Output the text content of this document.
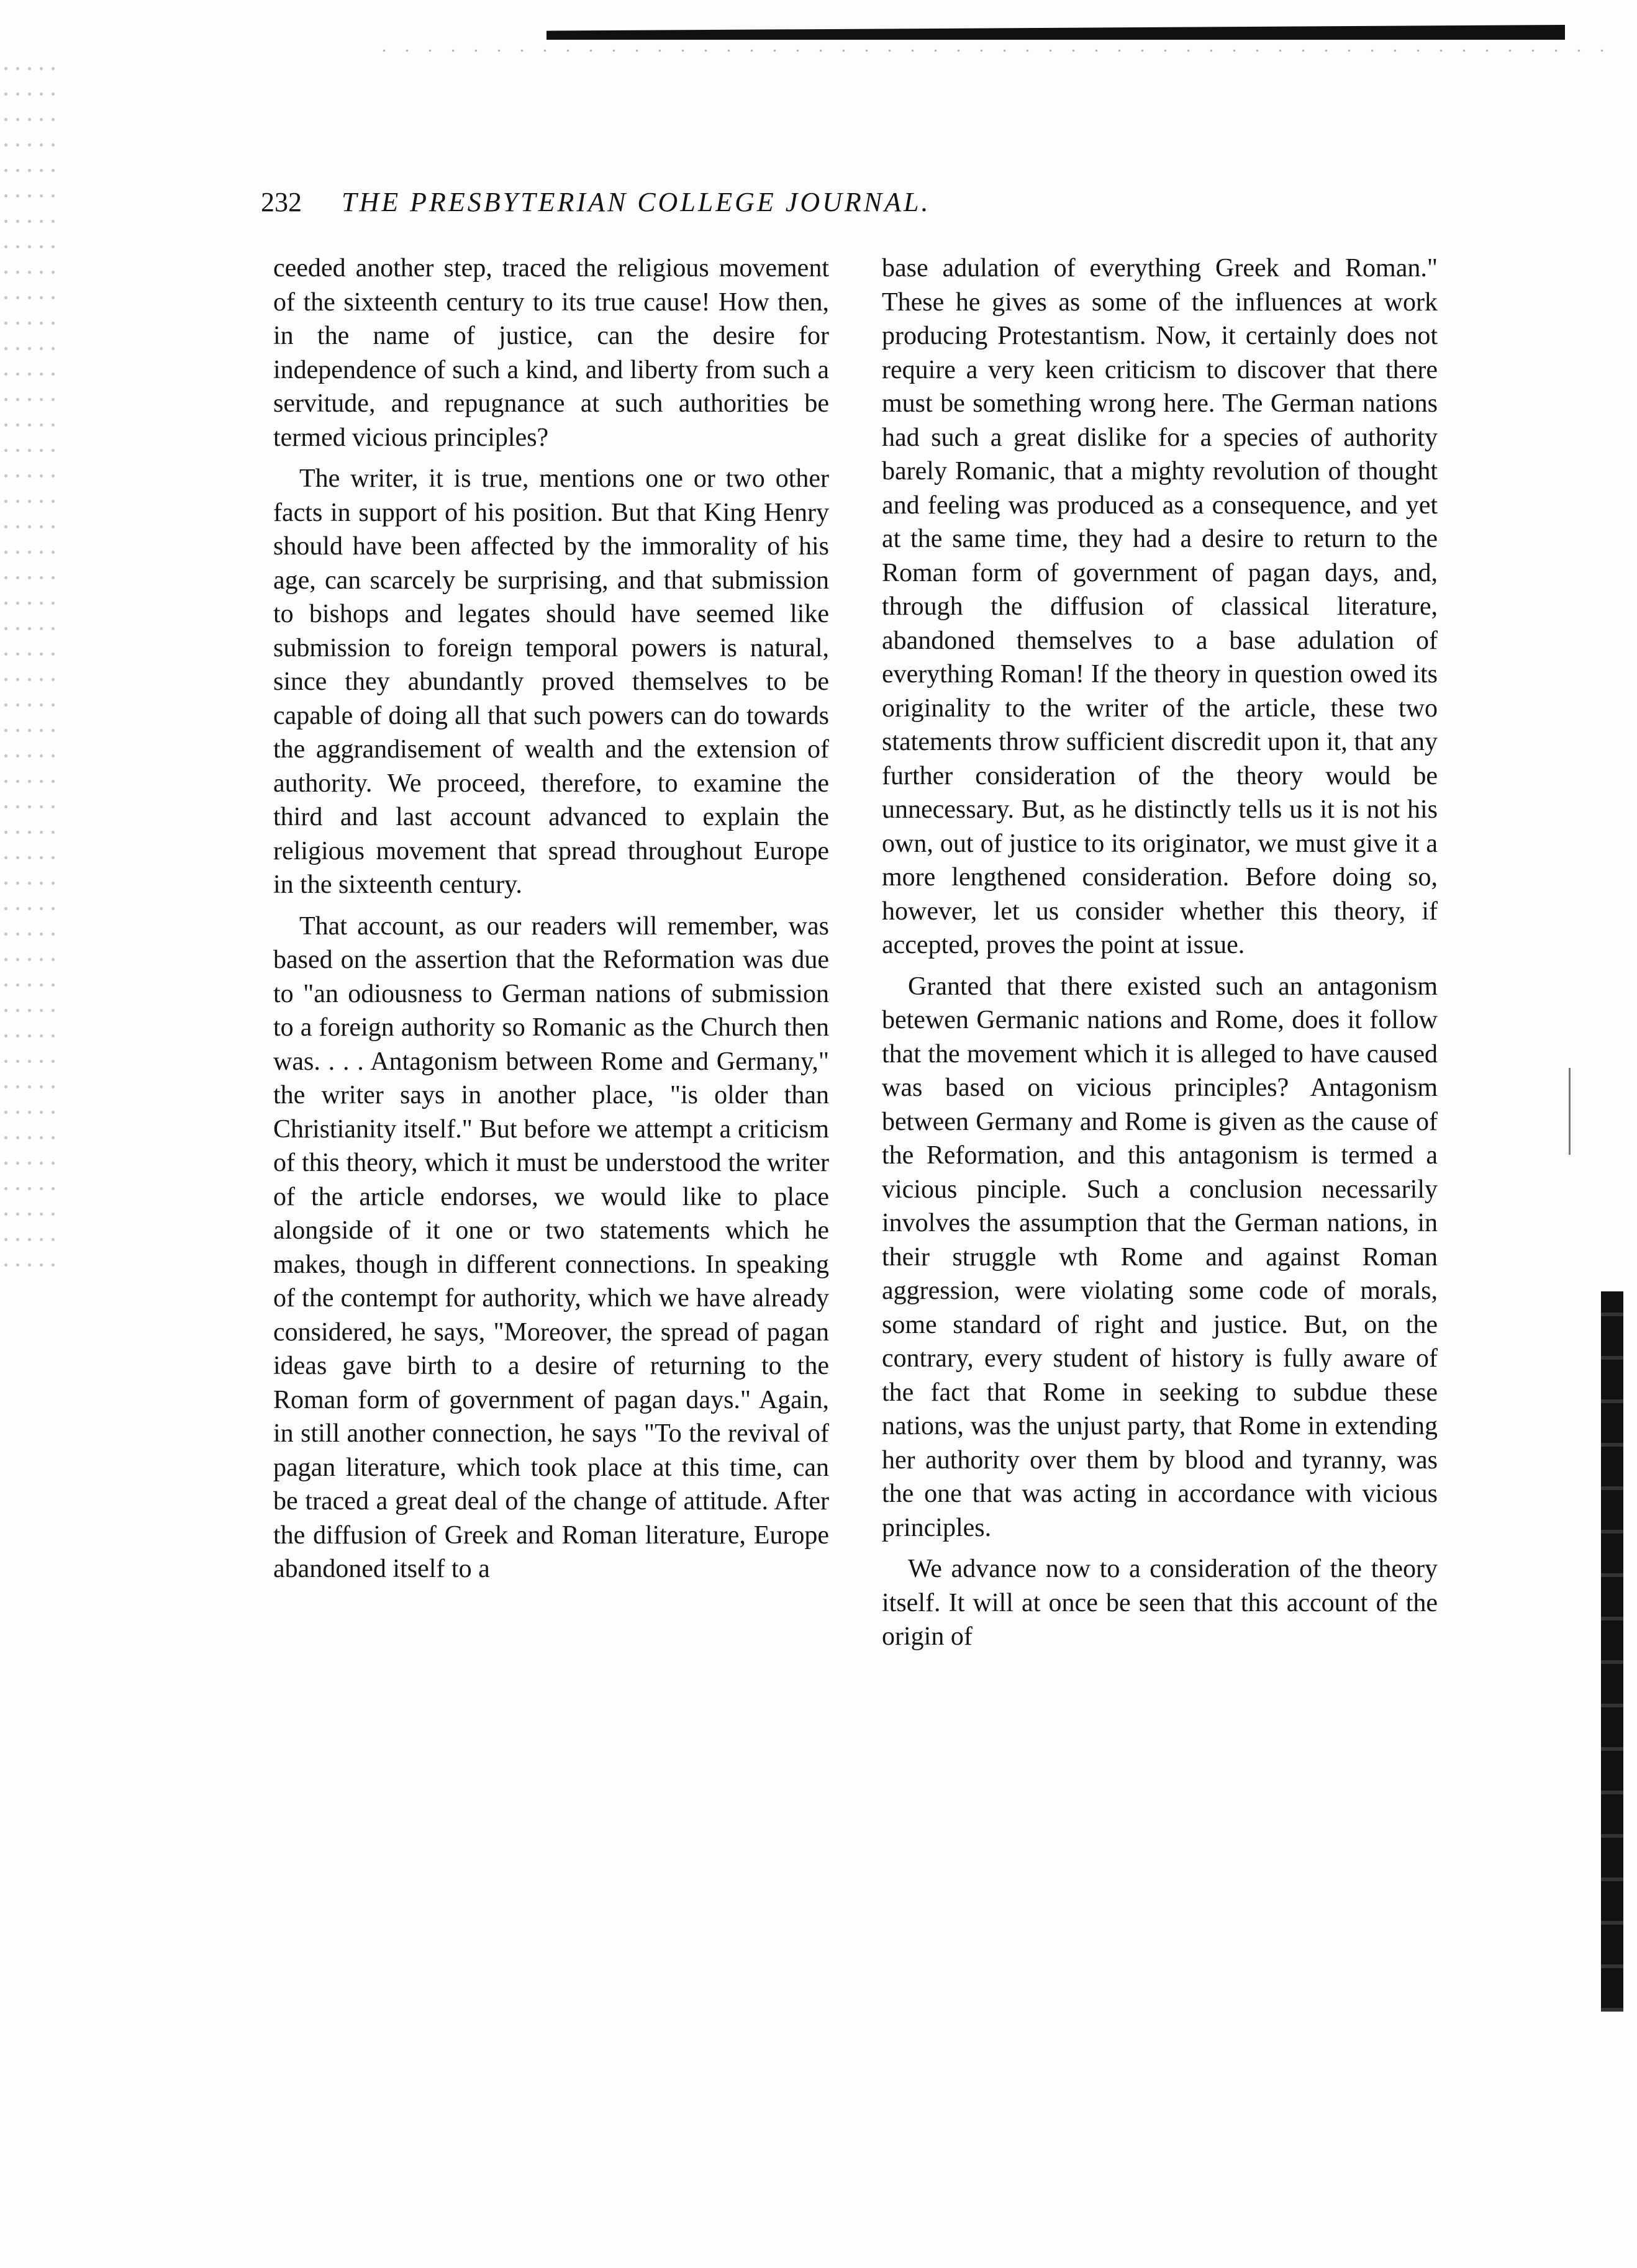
232	THE PRESBYTERIAN COLLEGE JOURNAL.

ceeded another step, traced the religious movement of the sixteenth century to its true cause! How then, in the name of justice, can the desire for independence of such a kind, and liberty from such a servitude, and repugnance at such authorities be termed vicious principles?

The writer, it is true, mentions one or two other facts in support of his position. But that King Henry should have been affected by the immorality of his age, can scarcely be surprising, and that submission to bishops and legates should have seemed like submission to foreign temporal powers is natural, since they abundantly proved themselves to be capable of doing all that such powers can do towards the aggrandisement of wealth and the extension of authority. We proceed, therefore, to examine the third and last account advanced to explain the religious movement that spread throughout Europe in the sixteenth century.

That account, as our readers will remember, was based on the assertion that the Reformation was due to "an odiousness to German nations of submission to a foreign authority so Romanic as the Church then was. . . . Antagonism between Rome and Germany," the writer says in another place, "is older than Christianity itself." But before we attempt a criticism of this theory, which it must be understood the writer of the article endorses, we would like to place alongside of it one or two statements which he makes, though in different connections. In speaking of the contempt for authority, which we have already considered, he says, "Moreover, the spread of pagan ideas gave birth to a desire of returning to the Roman form of government of pagan days." Again, in still another connection, he says "To the revival of pagan literature, which took place at this time, can be traced a great deal of the change of attitude. After the diffusion of Greek and Roman literature, Europe abandoned itself to a

base adulation of everything Greek and Roman." These he gives as some of the influences at work producing Protestantism. Now, it certainly does not require a very keen criticism to discover that there must be something wrong here. The German nations had such a great dislike for a species of authority barely Romanic, that a mighty revolution of thought and feeling was produced as a consequence, and yet at the same time, they had a desire to return to the Roman form of government of pagan days, and, through the diffusion of classical literature, abandoned themselves to a base adulation of everything Roman! If the theory in question owed its originality to the writer of the article, these two statements throw sufficient discredit upon it, that any further consideration of the theory would be unnecessary. But, as he distinctly tells us it is not his own, out of justice to its originator, we must give it a more lengthened consideration. Before doing so, however, let us consider whether this theory, if accepted, proves the point at issue.

Granted that there existed such an antagonism betewen Germanic nations and Rome, does it follow that the movement which it is alleged to have caused was based on vicious principles? Antagonism between Germany and Rome is given as the cause of the Reformation, and this antagonism is termed a vicious pinciple. Such a conclusion necessarily involves the assumption that the German nations, in their struggle wth Rome and against Roman aggression, were violating some code of morals, some standard of right and justice. But, on the contrary, every student of history is fully aware of the fact that Rome in seeking to subdue these nations, was the unjust party, that Rome in extending her authority over them by blood and tyranny, was the one that was acting in accordance with vicious principles.

We advance now to a consideration of the theory itself. It will at once be seen that this account of the origin of
